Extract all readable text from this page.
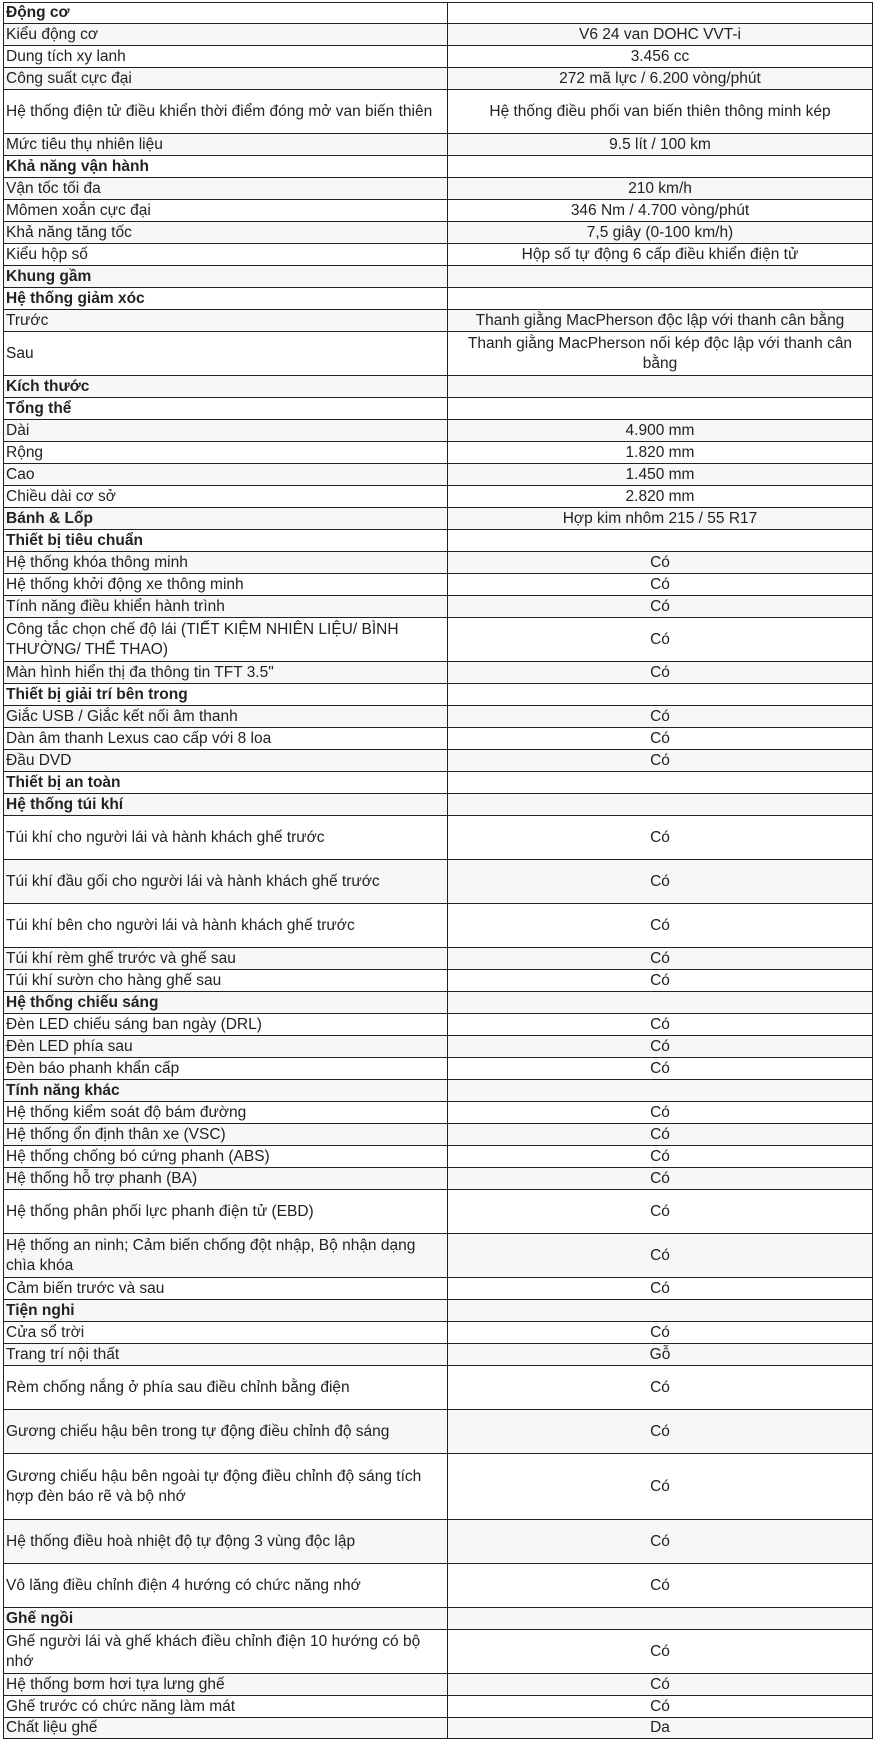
Động cơ	
Kiểu động cơ	V6 24 van DOHC VVT-i
Dung tích xy lanh	3.456 cc
Công suất cực đại	272 mã lực / 6.200 vòng/phút
Hệ thống điện tử điều khiển thời điểm đóng mở van biến thiên	Hệ thống điều phối van biến thiên thông minh kép
Mức tiêu thụ nhiên liệu	9.5 lít / 100 km
Khả năng vận hành	
Vận tốc tối đa	210 km/h
Mômen xoắn cực đại	346 Nm / 4.700 vòng/phút
Khả năng tăng tốc	7,5 giây (0-100 km/h)
Kiểu hộp số	Hộp số tự động 6 cấp điều khiển điện tử
Khung gầm	
Hệ thống giảm xóc	
Trước	Thanh giằng MacPherson độc lập với thanh cân bằng
Sau	Thanh giằng MacPherson nối kép độc lập với thanh cân bằng
Kích thước	
Tổng thể	
Dài	4.900 mm
Rộng	1.820 mm
Cao	1.450 mm
Chiều dài cơ sở	2.820 mm
Bánh & Lốp	Hợp kim nhôm 215 / 55 R17
Thiết bị tiêu chuẩn	
Hệ thống khóa thông minh	Có
Hệ thống khởi động xe thông minh	Có
Tính năng điều khiển hành trình	Có
Công tắc chọn chế độ lái (TIẾT KIỆM NHIÊN LIỆU/ BÌNH THƯỜNG/ THỂ THAO)	Có
Màn hình hiển thị đa thông tin TFT 3.5"	Có
Thiết bị giải trí bên trong	
Giắc USB / Giắc kết nối âm thanh	Có
Dàn âm thanh Lexus cao cấp với 8 loa	Có
Đầu DVD	Có
Thiết bị an toàn	
Hệ thống túi khí	
Túi khí cho người lái và hành khách ghế trước	Có
Túi khí đầu gối cho người lái và hành khách ghế trước	Có
Túi khí bên cho người lái và hành khách ghế trước	Có
Túi khí rèm ghế trước và ghế sau	Có
Túi khí sườn cho hàng ghế sau	Có
Hệ thống chiếu sáng	
Đèn LED chiếu sáng ban ngày (DRL)	Có
Đèn LED phía sau	Có
Đèn báo phanh khẩn cấp	Có
Tính năng khác	
Hệ thống kiểm soát độ bám đường	Có
Hệ thống ổn định thân xe (VSC)	Có
Hệ thống chống bó cứng phanh (ABS)	Có
Hệ thống hỗ trợ phanh (BA)	Có
Hệ thống phân phối lực phanh điện tử (EBD)	Có
Hệ thống an ninh; Cảm biến chống đột nhập, Bộ nhận dạng chìa khóa	Có
Cảm biến trước và sau	Có
Tiện nghi	
Cửa sổ trời	Có
Trang trí nội thất	Gỗ
Rèm chống nắng ở phía sau điều chỉnh bằng điện	Có
Gương chiếu hậu bên trong tự động điều chỉnh độ sáng	Có
Gương chiếu hậu bên ngoài tự động điều chỉnh độ sáng tích hợp đèn báo rẽ và bộ nhớ	Có
Hệ thống điều hoà nhiệt độ tự động 3 vùng độc lập	Có
Vô lăng điều chỉnh điện 4 hướng có chức năng nhớ	Có
Ghế ngồi	
Ghế người lái và ghế khách điều chỉnh điện 10 hướng có bộ nhớ	Có
Hệ thống bơm hơi tựa lưng ghế	Có
Ghế trước có chức năng làm mát	Có
Chất liệu ghế	Da
